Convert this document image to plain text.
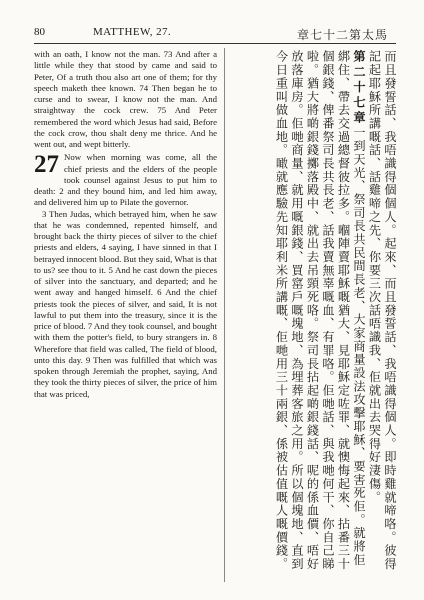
80	MATTHEW, 27.	章七十二第太馬

with an oath, I know not the man. 73 And after a little while they that stood by came and said to Peter, Of a truth thou also art one of them; for thy speech maketh thee known. 74 Then began he to curse and to swear, I know not the man. And straightway the cock crew. 75 And Peter remembered the word which Jesus had said, Before the cock crow, thou shalt deny me thrice. And he went out, and wept bitterly.

27 Now when morning was come, all the chief priests and the elders of the people took counsel against Jesus to put him to death: 2 and they bound him, and led him away, and delivered him up to Pilate the governor.

3 Then Judas, which betrayed him, when he saw that he was condemned, repented himself, and brought back the thirty pieces of silver to the chief priests and elders, 4 saying, I have sinned in that I betrayed innocent blood. But they said, What is that to us? see thou to it. 5 And he cast down the pieces of silver into the sanctuary, and departed; and he went away and hanged himself. 6 And the chief priests took the pieces of silver, and said, It is not lawful to put them into the treasury, since it is the price of blood. 7 And they took counsel, and bought with them the potter's field, to bury strangers in. 8 Wherefore that field was called, The field of blood, unto this day. 9 Then was fulfilled that which was spoken through Jeremiah the prophet, saying, And they took the thirty pieces of silver, the price of him that was priced,

而且發誓話、我唔識得個個人。起來、而且發誓話、我唔識得個人。即時雞就啼咯。彼得記起耶穌所講嘅話、話雞啼之先、你要三次話唔識我、佢就出去哭得好淒傷。
第二十七章一到天光、祭司長共民間長老、大家商量設法攻擊耶穌、要害死佢。就將佢綁住、帶去交過總督彼拉多。嗰陣賣耶穌嘅猶大、見耶穌定咗罪、就懊悔起來、拈番三十個銀錢、俾番祭司長共長老、話我賣無辜嘅血、有罪咯。佢哋話、與我哋何干、你自己睇啦。猶大將啲銀錢擲落殿中、就出去吊頸死咯。祭司長拈起啲銀錢話、呢的係血價、唔好放落庫房。佢哋商量、就用嘅銀錢、買窰戶嘅塊地、為埋葬客旅之用。所以個塊地、直到今日重叫做血地。噉就應驗先知耶利米所講嘅、佢哋用三十兩銀、係被估值嘅人嘅價錢。
